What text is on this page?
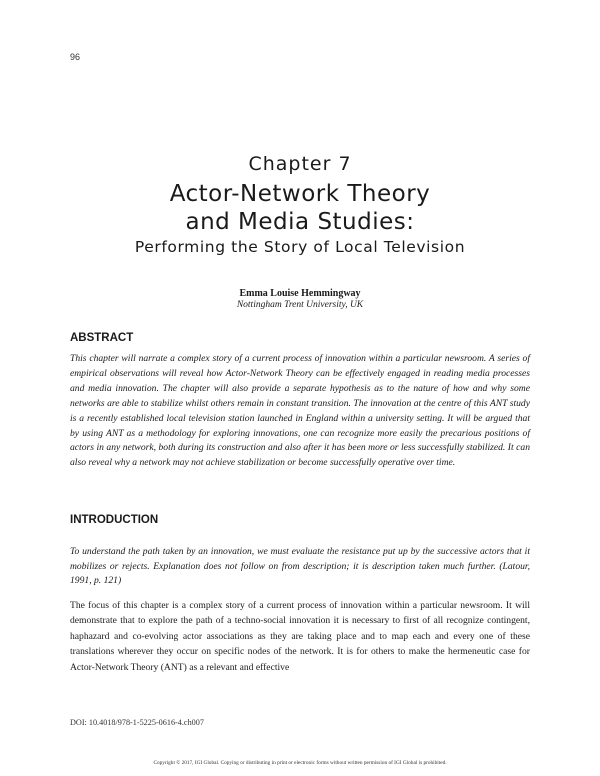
96
Chapter 7
Actor-Network Theory
and Media Studies:
Performing the Story of Local Television
Emma Louise Hemmingway
Nottingham Trent University, UK
ABSTRACT
This chapter will narrate a complex story of a current process of innovation within a particular newsroom. A series of empirical observations will reveal how Actor-Network Theory can be effectively engaged in reading media processes and media innovation. The chapter will also provide a separate hypothesis as to the nature of how and why some networks are able to stabilize whilst others remain in constant transition. The innovation at the centre of this ANT study is a recently established local television station launched in England within a university setting. It will be argued that by using ANT as a methodology for exploring innovations, one can recognize more easily the precarious positions of actors in any network, both during its construction and also after it has been more or less successfully stabilized. It can also reveal why a network may not achieve stabilization or become successfully operative over time.
INTRODUCTION
To understand the path taken by an innovation, we must evaluate the resistance put up by the successive actors that it mobilizes or rejects. Explanation does not follow on from description; it is description taken much further. (Latour, 1991, p. 121)
The focus of this chapter is a complex story of a current process of innovation within a particular newsroom. It will demonstrate that to explore the path of a techno-social innovation it is necessary to first of all recognize contingent, haphazard and co-evolving actor associations as they are taking place and to map each and every one of these translations wherever they occur on specific nodes of the network. It is for others to make the hermeneutic case for Actor-Network Theory (ANT) as a relevant and effective
DOI: 10.4018/978-1-5225-0616-4.ch007
Copyright © 2017, IGI Global. Copying or distributing in print or electronic forms without written permission of IGI Global is prohibited.
